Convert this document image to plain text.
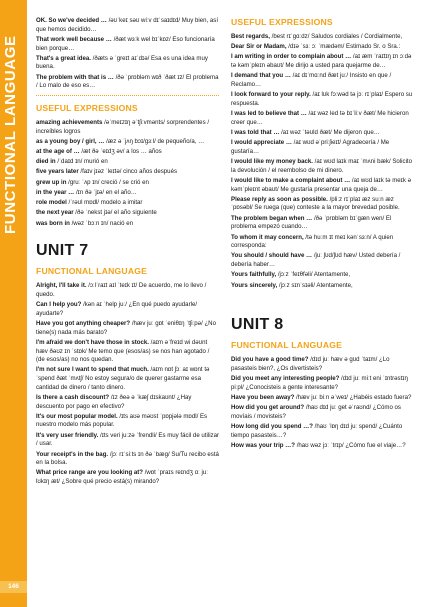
FUNCTIONAL LANGUAGE
146
OK. So we've decided … /əʊˈkeɪ səʊ wiːv dɪˈsaɪdɪd/ Muy bien, así que hemos decidido…
That work well because … /ðæt wɜːk wel bɪˈkɒz/ Eso funcionaría bien porque…
That's a great idea. /ðæts ə ˈɡreɪt aɪˈdɪə/ Esa es una idea muy buena.
The problem with that is … /ðə ˈprɒbləm wɪð ˈðæt ɪz/ El problema / Lo malo de eso es…
USEFUL EXPRESSIONS
amazing achievements /əˈmeɪzɪŋ əˈtʃiːvmənts/ sorprendentes / increíbles logros
as a young boy / girl, … /æz ə ˈjʌŋ bɔɪ/ɡɜːl/ de pequeño/a, …
at the age of … /æt ðə ˈeɪdʒ əv/ a los … años
died in /ˈdaɪd ɪn/ murió en
five years later /faɪv jɪəz ˈleɪtə/ cinco años después
grew up in /ɡruː ˈʌp ɪn/ creció / se crió en
in the year … /ɪn ðə ˈjɪə/ en el año…
role model /ˈrəʊl mɒdl/ modelo a imitar
the next year /ðə ˈnekst jɪə/ el año siguiente
was born in /wəz ˈbɔːn ɪn/ nació en
UNIT 7
FUNCTIONAL LANGUAGE
Alright, I'll take it. /ɔːlˈraɪt aɪl ˈteɪk ɪt/ De acuerdo, me lo llevo / quedo.
Can I help you? /kən aɪ ˈhelp juː/ ¿En qué puedo ayudarle/ ayudarte?
Have you got anything cheaper? /hæv juː ɡɒt ˈeniθɪŋ ˈtʃiːpə/ ¿No tiene(s) nada más barato?
I'm afraid we don't have those in stock. /aɪm əˈfreɪd wi dəʊnt hæv ðəʊz ɪn ˈstɒk/ Me temo que (esos/as) se nos han agotado / (de esos/as) no nos quedan.
I'm not sure I want to spend that much. /aɪm nɒt ʃɔː aɪ wɒnt tə ˈspend ðæt ˈmʌtʃ/ No estoy segura/o de querer gastarme esa cantidad de dinero / tanto dinero.
Is there a cash discount? /ɪz ðeə ə ˈkæʃ dɪskaʊnt/ ¿Hay descuento por pago en efectivo?
It's our most popular model. /ɪts aʊə məʊst ˈpɒpjələ mɒdl/ Es nuestro modelo más popular.
It's very user friendly. /ɪts veri juːzə ˈfrendli/ Es muy fácil de utilizar / usar.
Your receipt's in the bag. /jɔː rɪˈsiːts ɪn ðə ˈbæɡ/ Su/Tu recibo está en la bolsa.
What price range are you looking at? /wɒt ˈpraɪs reɪndʒ ɑː juː lʊkɪŋ æt/ ¿Sobre qué precio está(s) mirando?
USEFUL EXPRESSIONS
Best regards, /best rɪˈɡɑːdz/ Saludos cordiales / Cordialmente,
Dear Sir or Madam, /dɪə ˈsɜː ɔː ˈmædəm/ Estimado Sr. o Sra.:
I am writing in order to complain about … /aɪ æm ˈraɪtɪŋ ɪn ɔːdə tə kəmˈpleɪn əbaʊt/ Me dirijo a usted para quejarme de…
I demand that you … /aɪ dɪˈmɑːnd ðæt juː/ Insisto en que / Reclamo…
I look forward to your reply. /aɪ lʊk fɔːwəd tə jɔː rɪˈplaɪ/ Espero su respuesta.
I was led to believe that … /aɪ wəz led tə bɪˈliːv ðæt/ Me hicieron creer que…
I was told that … /aɪ wəz ˈtəʊld ðæt/ Me dijeron que…
I would appreciate … /aɪ wʊd əˈpriːʃieɪt/ Agradecería / Me gustaría…
I would like my money back. /aɪ wʊd laɪk maɪ ˈmʌni bæk/ Solicito la devolución / el reembolso de mi dinero.
I would like to make a complaint about … /aɪ wʊd laɪk tə meɪk ə kəmˈpleɪnt əbaʊt/ Me gustaría presentar una queja de…
Please reply as soon as possible. /pliːz rɪˈplaɪ æz suːn æz ˈpɒsəbl/ Se ruega (que) conteste a la mayor brevedad posible.
The problem began when … /ðə ˈprɒbləm bɪˈɡæn wen/ El problema empezó cuando…
To whom it may concern, /tə huːm ɪt meɪ kənˈsɜːn/ A quien corresponda:
You should / should have … /juː ʃʊd/ʃʊd hæv/ Usted debería / debería haber…
Yours faithfully, /jɔːz ˈfeɪθfəli/ Atentamente,
Yours sincerely, /jɔːz sɪnˈsɪəli/ Atentamente,
UNIT 8
FUNCTIONAL LANGUAGE
Did you have a good time? /dɪd juː hæv ə ɡʊd ˈtaɪm/ ¿Lo pasasteis bien?, ¿Os divertisteis?
Did you meet any interesting people? /dɪd juː miːt eni ˈɪntrəstɪŋ piːpl/ ¿Conocisteis a gente interesante?
Have you been away? /hæv juː biːn əˈweɪ/ ¿Habéis estado fuera?
How did you get around? /haʊ dɪd juː ɡet əˈraʊnd/ ¿Cómo os movíais / movisteis?
How long did you spend …? /haʊ ˈlɒŋ dɪd juː spend/ ¿Cuánto tiempo pasasteis…?
How was your trip …? /haʊ wəz jɔː ˈtrɪp/ ¿Cómo fue el viaje…?
